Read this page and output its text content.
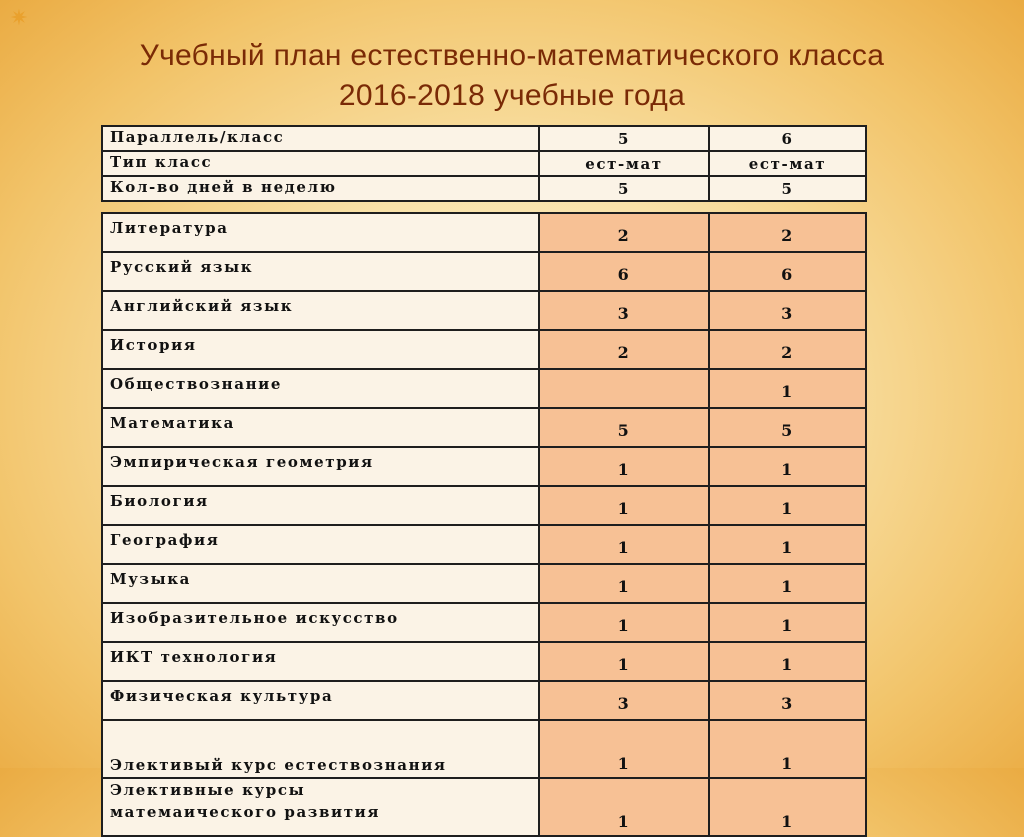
✷
Учебный план естественно-математического класса
2016-2018 учебные года
Параллель/класс	5	6
Тип класс	ест-мат	ест-мат
Кол-во дней в неделю	5	5
Литература	2	2
Русский язык	6	6
Английский язык	3	3
История	2	2
Обществознание		1
Математика	5	5
Эмпирическая геометрия	1	1
Биология	1	1
География	1	1
Музыка	1	1
Изобразительное искусство	1	1
ИКТ технология	1	1
Физическая культура	3	3
Элективый курс естествознания	1	1

Элективные курсы
матемаического развития	1	1
